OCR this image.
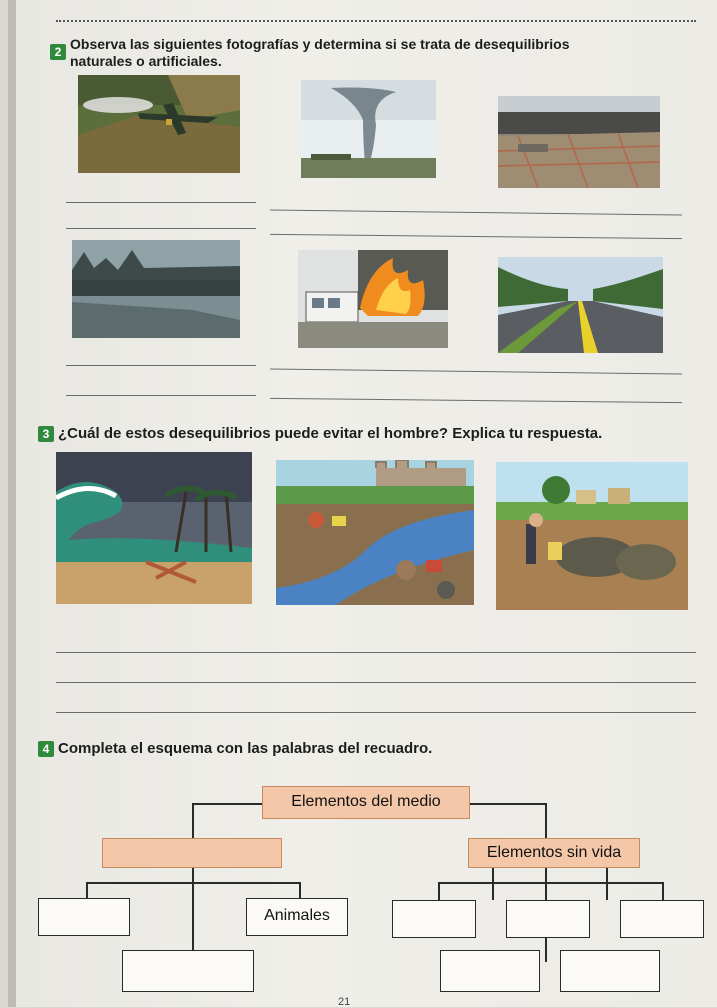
2 Observa las siguientes fotografías y determina si se trata de desequilibrios
naturales o artificiales.
3 ¿Cuál de estos desequilibrios puede evitar el hombre? Explica tu respuesta.
4 Completa el esquema con las palabras del recuadro.
Elementos del medio
Elementos sin vida
Animales
21
